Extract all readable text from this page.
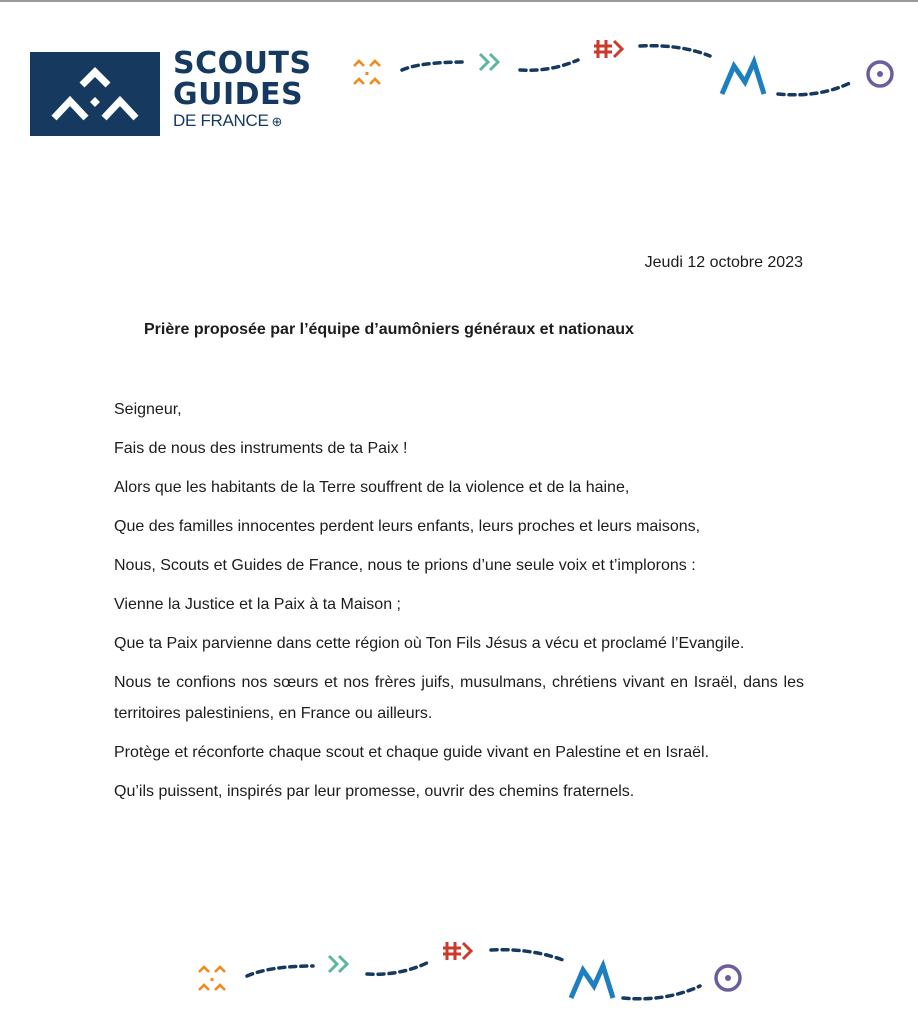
SCOUTS
GUIDES
DE FRANCE ⊕
Jeudi 12 octobre 2023
Prière proposée par l’équipe d’aumôniers généraux et nationaux
Seigneur,
Fais de nous des instruments de ta Paix !
Alors que les habitants de la Terre souffrent de la violence et de la haine,
Que des familles innocentes perdent leurs enfants, leurs proches et leurs maisons,
Nous, Scouts et Guides de France, nous te prions d’une seule voix et t’implorons :
Vienne la Justice et la Paix à ta Maison ;
Que ta Paix parvienne dans cette région où Ton Fils Jésus a vécu et proclamé l’Evangile.
Nous te confions nos sœurs et nos frères juifs, musulmans, chrétiens vivant en Israël, dans les territoires palestiniens, en France ou ailleurs.
Protège et réconforte chaque scout et chaque guide vivant en Palestine et en Israël.
Qu’ils puissent, inspirés par leur promesse, ouvrir des chemins fraternels.
